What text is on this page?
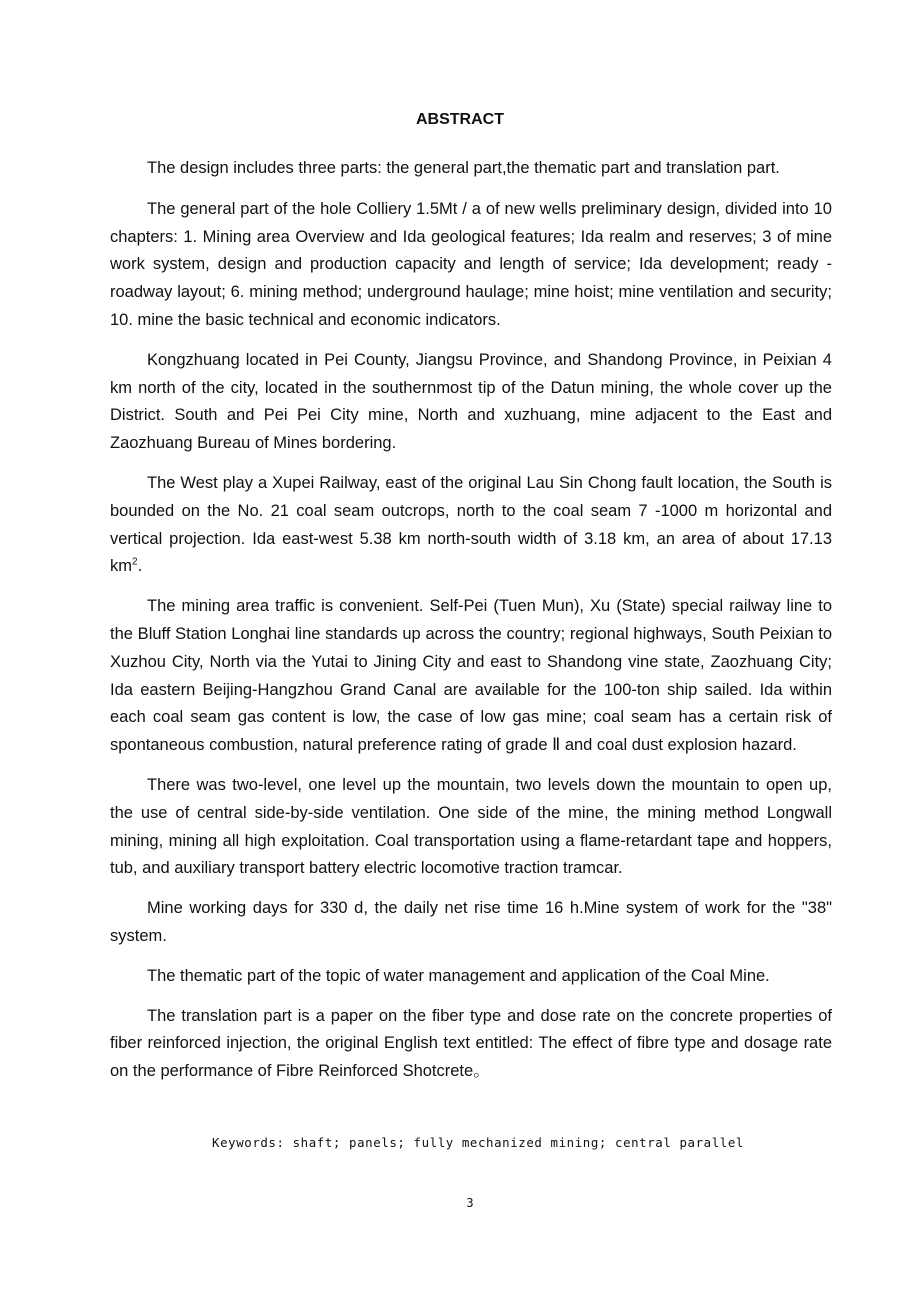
ABSTRACT

The design includes three parts: the general part,the thematic part and translation part.

The general part of the hole Colliery 1.5Mt / a of new wells preliminary design, divided into 10 chapters: 1. Mining area Overview and Ida geological features; Ida realm and reserves; 3 of mine work system, design and production capacity and length of service; Ida development; ready - roadway layout; 6. mining method; underground haulage; mine hoist; mine ventilation and security; 10. mine the basic technical and economic indicators.

Kongzhuang located in Pei County, Jiangsu Province, and Shandong Province, in Peixian 4 km north of the city, located in the southernmost tip of the Datun mining, the whole cover up the District. South and Pei Pei City mine, North and xuzhuang, mine adjacent to the East and Zaozhuang Bureau of Mines bordering.

The West play a Xupei Railway, east of the original Lau Sin Chong fault location, the South is bounded on the No. 21 coal seam outcrops, north to the coal seam 7 -1000 m horizontal and vertical projection. Ida east-west 5.38 km north-south width of 3.18 km, an area of about 17.13 $km^2$.

The mining area traffic is convenient. Self-Pei (Tuen Mun), Xu (State) special railway line to the Bluff Station Longhai line standards up across the country; regional highways, South Peixian to Xuzhou City, North via the Yutai to Jining City and east to Shandong vine state, Zaozhuang City; Ida eastern Beijing-Hangzhou Grand Canal are available for the 100-ton ship sailed. Ida within each coal seam gas content is low, the case of low gas mine; coal seam has a certain risk of spontaneous combustion, natural preference rating of grade Ⅱ and coal dust explosion hazard.

There was two-level, one level up the mountain, two levels down the mountain to open up, the use of central side-by-side ventilation. One side of the mine, the mining method Longwall mining, mining all high exploitation. Coal transportation using a flame-retardant tape and hoppers, tub, and auxiliary transport battery electric locomotive traction tramcar.

Mine working days for 330 d, the daily net rise time 16 h.Mine system of work for the "38" system.

The thematic part of the topic of water management and application of the Coal Mine.

The translation part is a paper on the fiber type and dose rate on the concrete properties of fiber reinforced injection, the original English text entitled: The effect of fibre type and dosage rate on the performance of Fibre Reinforced Shotcrete。

Keywords: shaft; panels; fully mechanized mining; central parallel
3
